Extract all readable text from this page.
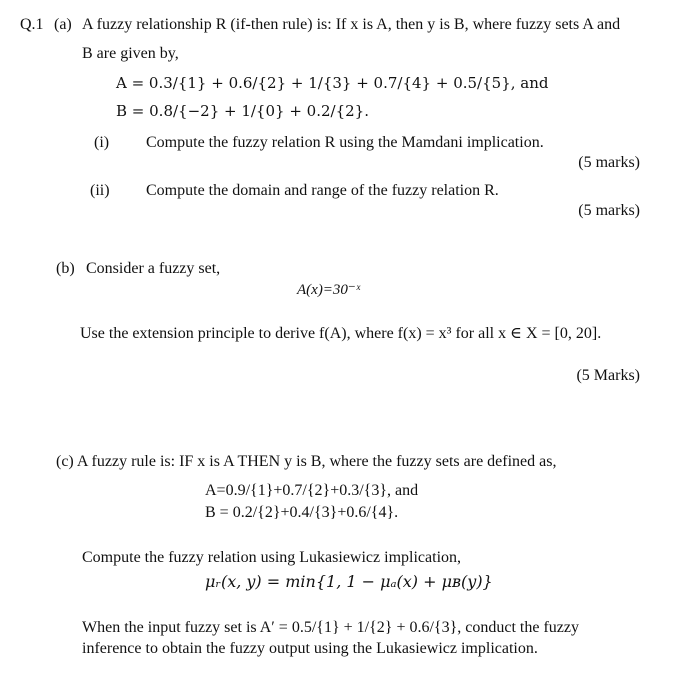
Q.1 (a) A fuzzy relationship R (if-then rule) is: If x is A, then y is B, where fuzzy sets A and
B are given by,
A = 0.3/{1} + 0.6/{2} + 1/{3} + 0.7/{4} + 0.5/{5}, and
B = 0.8/{−2} + 1/{0} + 0.2/{2}.
(i) Compute the fuzzy relation R using the Mamdani implication.
(5 marks)
(ii) Compute the domain and range of the fuzzy relation R.
(5 marks)
(b) Consider a fuzzy set,
A(x)=30⁻ˣ
Use the extension principle to derive f(A), where f(x) = x³ for all x ∈ X = [0, 20].
(5 Marks)
(c) A fuzzy rule is: IF x is A THEN y is B, where the fuzzy sets are defined as,
A=0.9/{1}+0.7/{2}+0.3/{3}, and
B = 0.2/{2}+0.4/{3}+0.6/{4}.
Compute the fuzzy relation using Lukasiewicz implication,
μᵣ(x, y) = min{1, 1 − μₐ(x) + μʙ(y)}
When the input fuzzy set is A′ = 0.5/{1} + 1/{2} + 0.6/{3}, conduct the fuzzy
inference to obtain the fuzzy output using the Lukasiewicz implication.
